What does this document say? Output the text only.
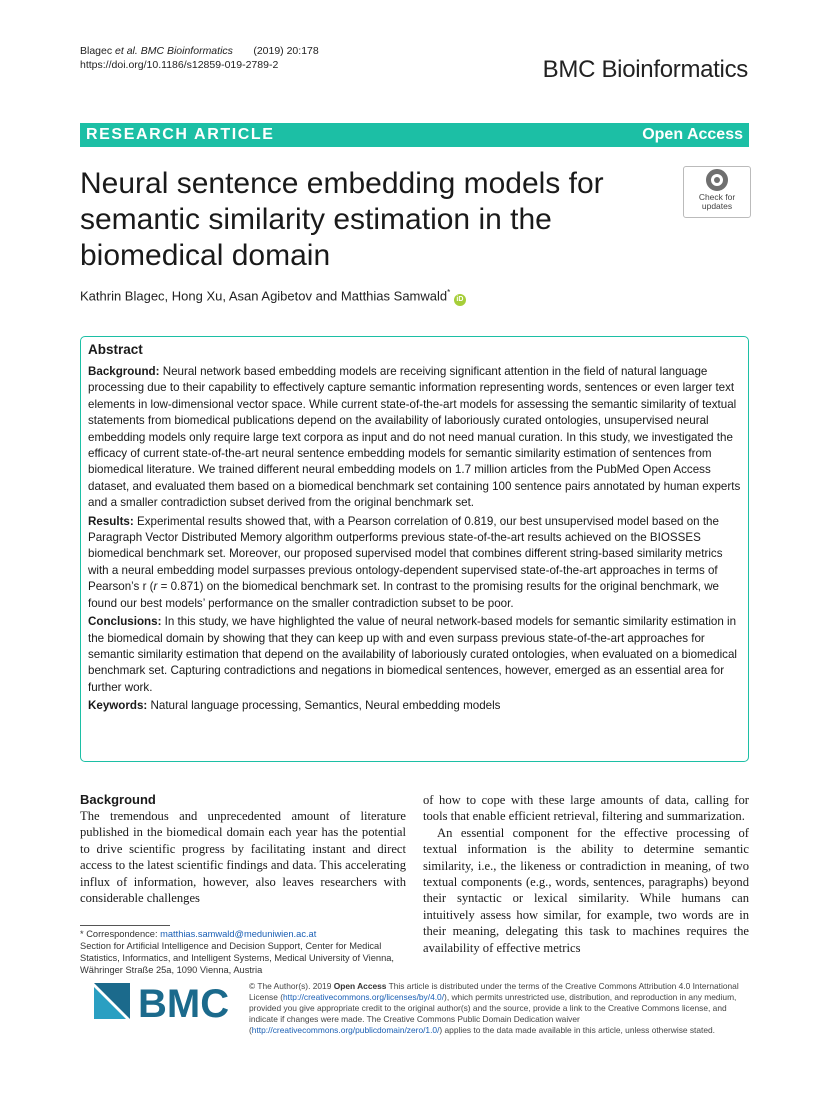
Blagec et al. BMC Bioinformatics (2019) 20:178
https://doi.org/10.1186/s12859-019-2789-2	BMC Bioinformatics
RESEARCH ARTICLE	Open Access
Neural sentence embedding models for semantic similarity estimation in the biomedical domain
Check for
updates
Kathrin Blagec, Hong Xu, Asan Agibetov and Matthias Samwald* iD
Abstract

Background: Neural network based embedding models are receiving significant attention in the field of natural language processing due to their capability to effectively capture semantic information representing words, sentences or even larger text elements in low-dimensional vector space. While current state-of-the-art models for assessing the semantic similarity of textual statements from biomedical publications depend on the availability of laboriously curated ontologies, unsupervised neural embedding models only require large text corpora as input and do not need manual curation. In this study, we investigated the efficacy of current state-of-the-art neural sentence embedding models for semantic similarity estimation of sentences from biomedical literature. We trained different neural embedding models on 1.7 million articles from the PubMed Open Access dataset, and evaluated them based on a biomedical benchmark set containing 100 sentence pairs annotated by human experts and a smaller contradiction subset derived from the original benchmark set.

Results: Experimental results showed that, with a Pearson correlation of 0.819, our best unsupervised model based on the Paragraph Vector Distributed Memory algorithm outperforms previous state-of-the-art results achieved on the BIOSSES biomedical benchmark set. Moreover, our proposed supervised model that combines different string-based similarity metrics with a neural embedding model surpasses previous ontology-dependent supervised state-of-the-art approaches in terms of Pearson’s r (r = 0.871) on the biomedical benchmark set. In contrast to the promising results for the original benchmark, we found our best models’ performance on the smaller contradiction subset to be poor.

Conclusions: In this study, we have highlighted the value of neural network-based models for semantic similarity estimation in the biomedical domain by showing that they can keep up with and even surpass previous state-of-the-art approaches for semantic similarity estimation that depend on the availability of laboriously curated ontologies, when evaluated on a biomedical benchmark set. Capturing contradictions and negations in biomedical sentences, however, emerged as an essential area for further work.

Keywords: Natural language processing, Semantics, Neural embedding models

Background

The tremendous and unprecedented amount of literature published in the biomedical domain each year has the potential to drive scientific progress by facilitating instant and direct access to the latest scientific findings and data. This accelerating influx of information, however, also leaves researchers with considerable challenges

of how to cope with these large amounts of data, calling for tools that enable efficient retrieval, filtering and summarization.

An essential component for the effective processing of textual information is the ability to determine semantic similarity, i.e., the likeness or contradiction in meaning, of two textual components (e.g., words, sentences, paragraphs) beyond their syntactic or lexical similarity. While humans can intuitively assess how similar, for example, two words are in their meaning, delegating this task to machines requires the availability of effective metrics

* Correspondence: matthias.samwald@meduniwien.ac.at
Section for Artificial Intelligence and Decision Support, Center for Medical Statistics, Informatics, and Intelligent Systems, Medical University of Vienna, Währinger Straße 25a, 1090 Vienna, Austria
BMC © The Author(s). 2019 Open Access This article is distributed under the terms of the Creative Commons Attribution 4.0 International License (http://creativecommons.org/licenses/by/4.0/), which permits unrestricted use, distribution, and reproduction in any medium, provided you give appropriate credit to the original author(s) and the source, provide a link to the Creative Commons license, and indicate if changes were made. The Creative Commons Public Domain Dedication waiver (http://creativecommons.org/publicdomain/zero/1.0/) applies to the data made available in this article, unless otherwise stated.
